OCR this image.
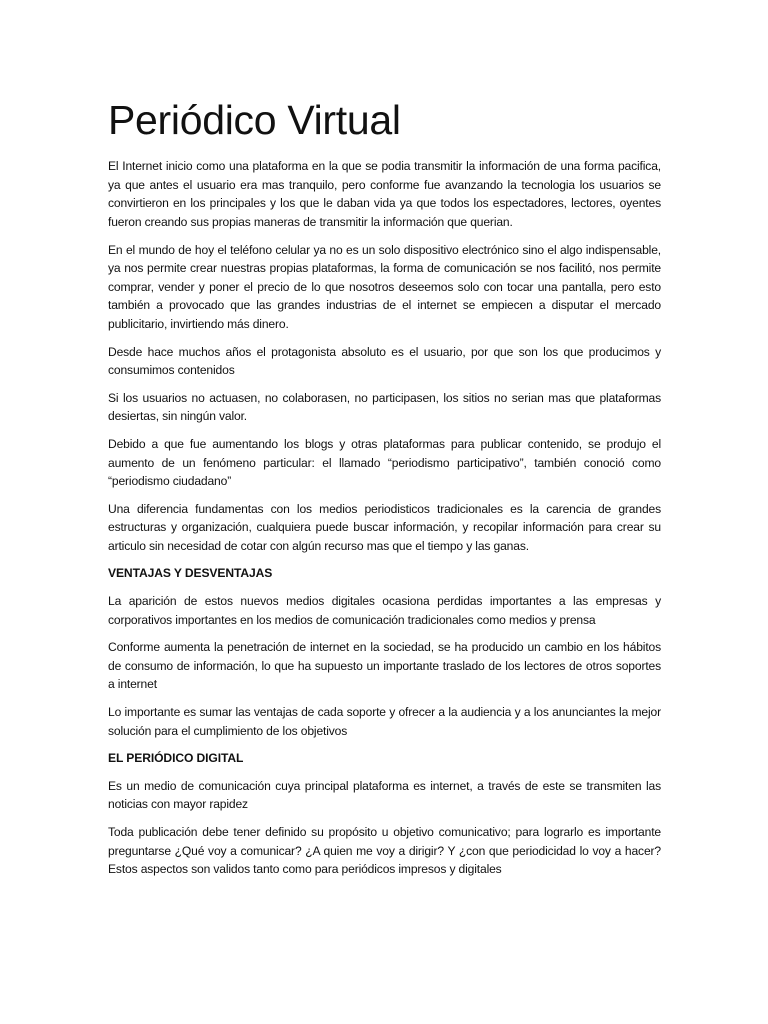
Periódico Virtual

El Internet inicio como una plataforma en la que se podia transmitir la información de una forma pacifica, ya que antes el usuario era mas tranquilo, pero conforme fue avanzando la tecnologia los usuarios se convirtieron en los principales y los que le daban vida ya que todos los espectadores, lectores, oyentes fueron creando sus propias maneras de transmitir la información que querian.

En el mundo de hoy el teléfono celular ya no es un solo dispositivo electrónico sino el algo indispensable, ya nos permite crear nuestras propias plataformas, la forma de comunicación se nos facilitó, nos permite comprar, vender y poner el precio de lo que nosotros deseemos solo con tocar una pantalla, pero esto también a provocado que las grandes industrias de el internet se empiecen a disputar el mercado publicitario, invirtiendo más dinero.

Desde hace muchos años el protagonista absoluto es el usuario, por que son los que producimos y consumimos contenidos

Si los usuarios no actuasen, no colaborasen, no participasen, los sitios no serian mas que plataformas desiertas, sin ningún valor.

Debido a que fue aumentando los blogs y otras plataformas para publicar contenido, se produjo el aumento de un fenómeno particular: el llamado “periodismo participativo”, también conoció como “periodismo ciudadano”

Una diferencia fundamentas con los medios periodisticos tradicionales es la carencia de grandes estructuras y organización, cualquiera puede buscar información, y recopilar información para crear su articulo sin necesidad de cotar con algún recurso mas que el tiempo y las ganas.

VENTAJAS Y DESVENTAJAS

La aparición de estos nuevos medios digitales ocasiona perdidas importantes a las empresas y corporativos importantes en los medios de comunicación tradicionales como medios y prensa

Conforme aumenta la penetración de internet en la sociedad, se ha producido un cambio en los hábitos de consumo de información, lo que ha supuesto un importante traslado de los lectores de otros soportes a internet

Lo importante es sumar las ventajas de cada soporte y ofrecer a la audiencia y a los anunciantes la mejor solución para el cumplimiento de los objetivos

EL PERIÓDICO DIGITAL

Es un medio de comunicación cuya principal plataforma es internet, a través de este se transmiten las noticias con mayor rapidez

Toda publicación debe tener definido su propósito u objetivo comunicativo; para lograrlo es importante preguntarse ¿Qué voy a comunicar? ¿A quien me voy a dirigir? Y ¿con que periodicidad lo voy a hacer? Estos aspectos son validos tanto como para periódicos impresos y digitales
